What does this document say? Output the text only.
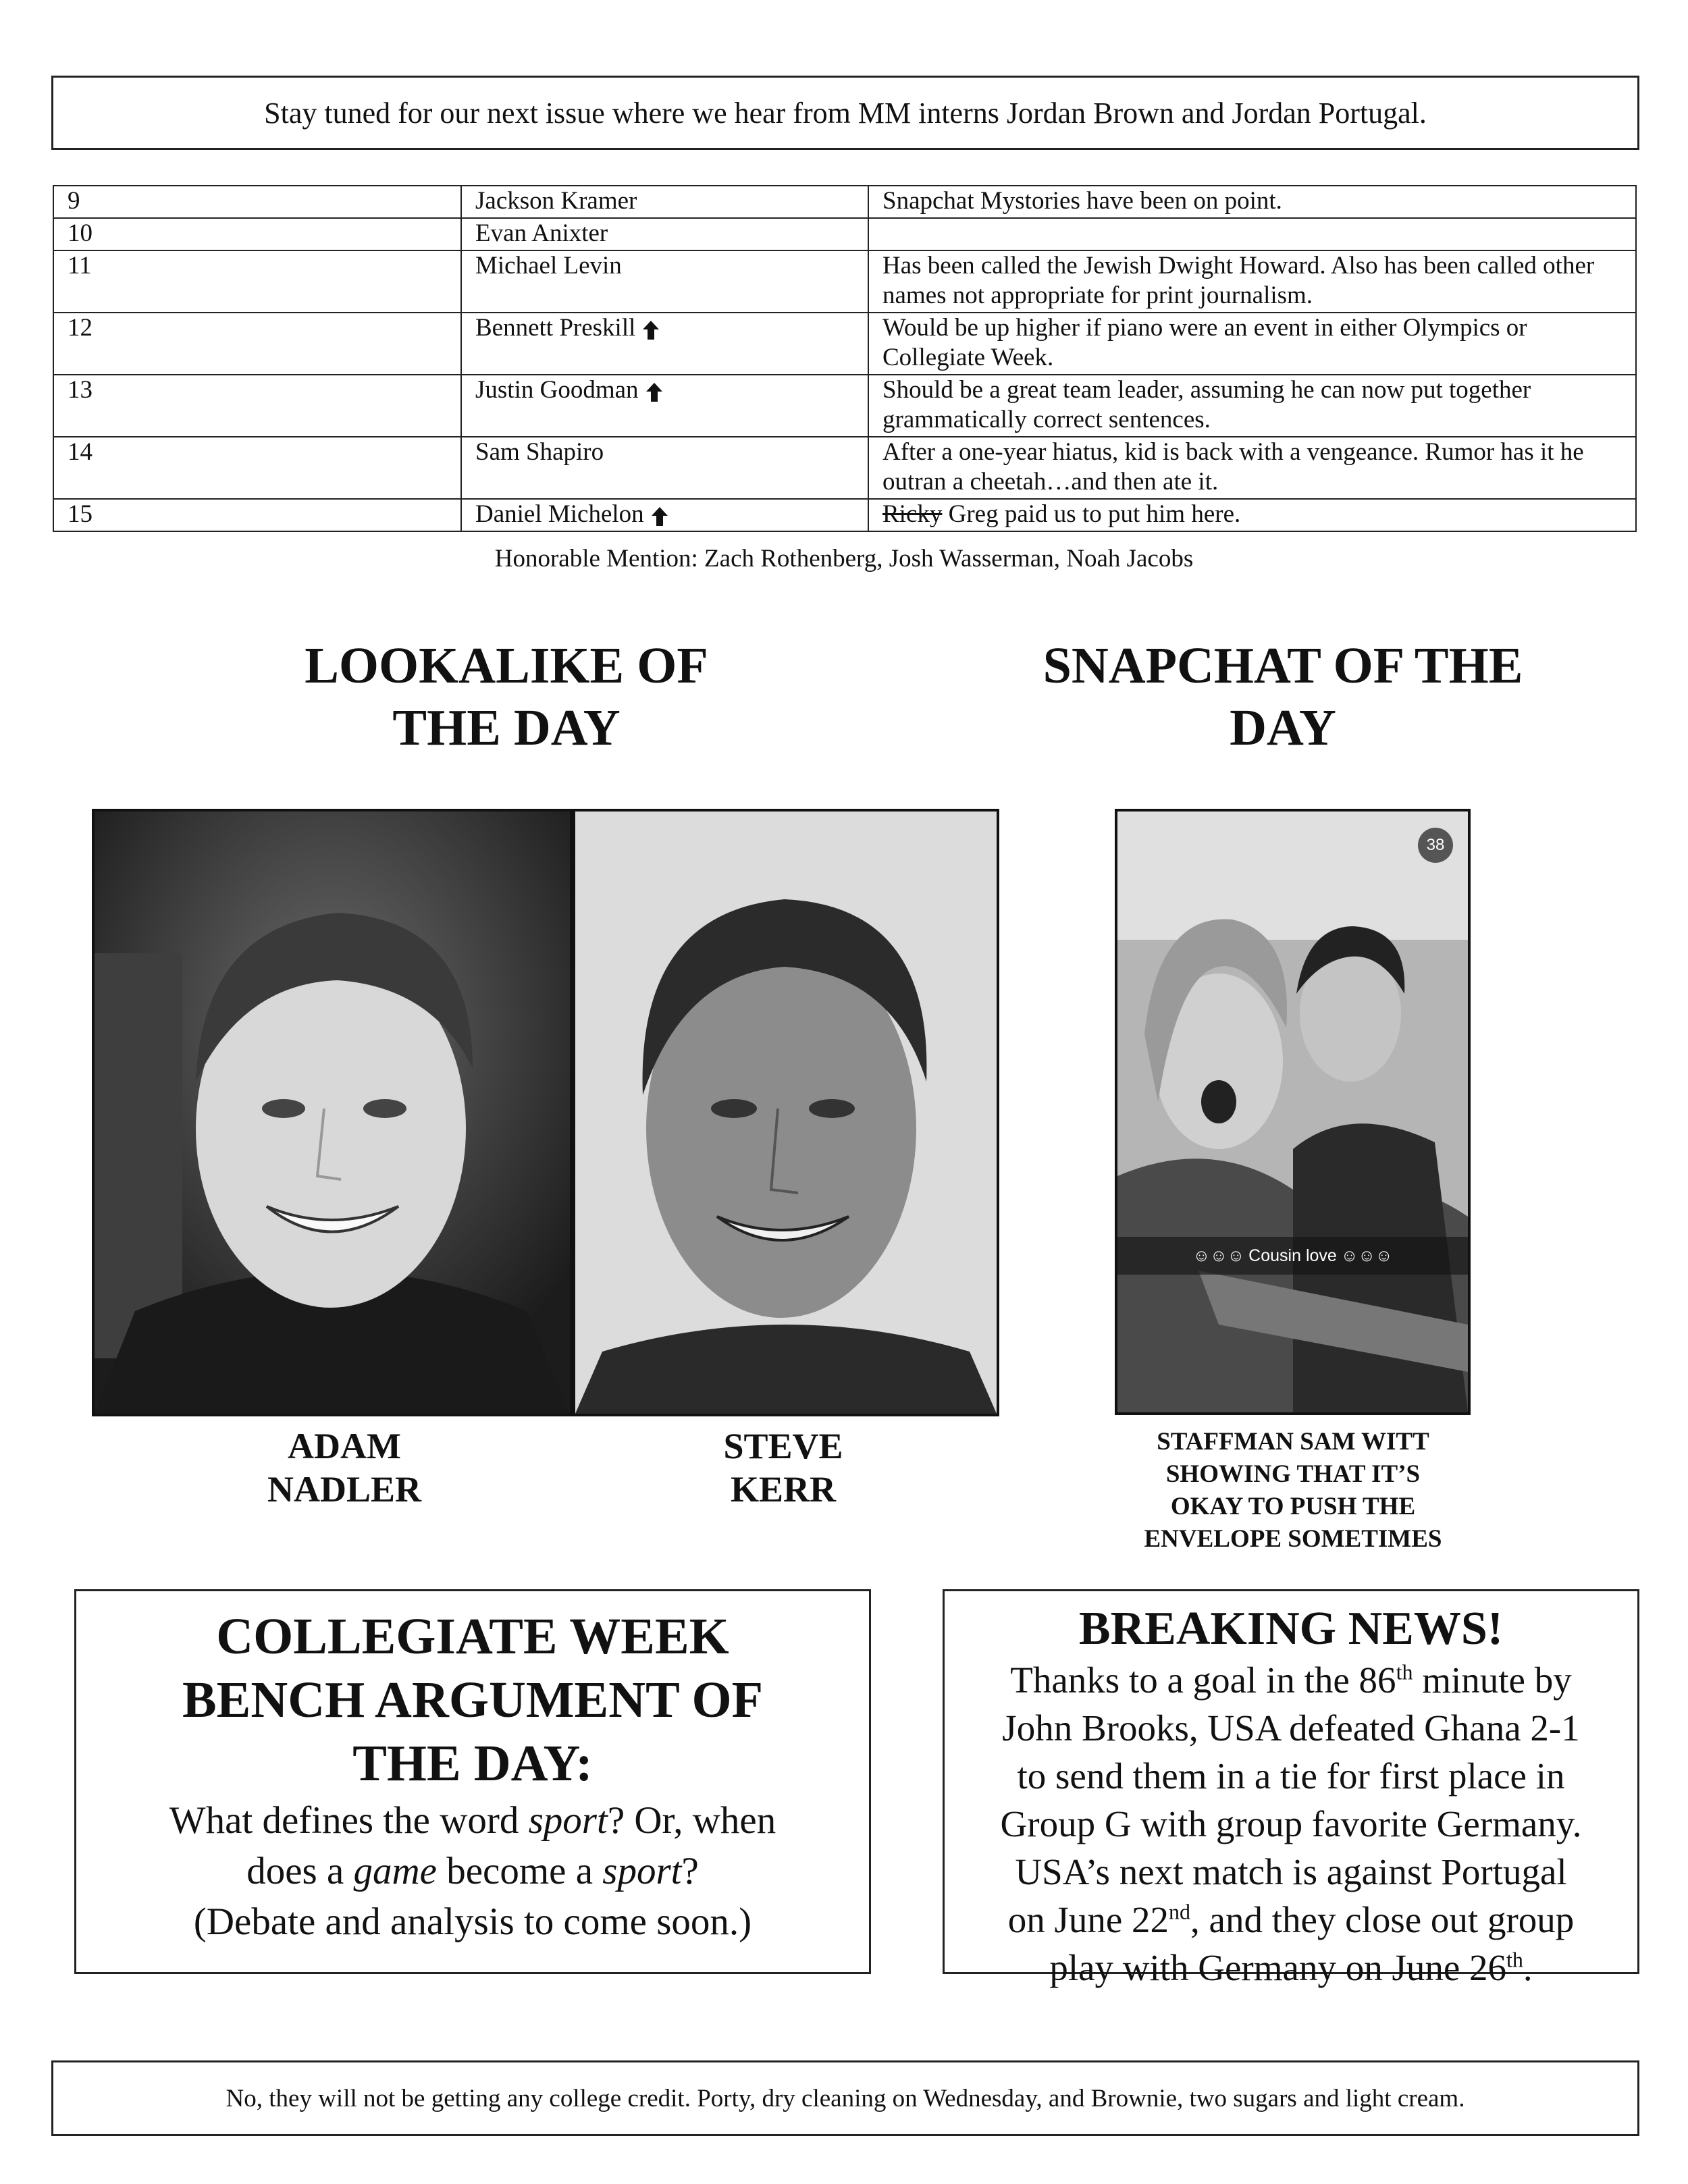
Stay tuned for our next issue where we hear from MM interns Jordan Brown and Jordan Portugal.
9	Jackson Kramer	Snapchat Mystories have been on point.
10	Evan Anixter	
11	Michael Levin	Has been called the Jewish Dwight Howard. Also has been called other names not appropriate for print journalism.
12	Bennett Preskill	Would be up higher if piano were an event in either Olympics or Collegiate Week.
13	Justin Goodman	Should be a great team leader, assuming he can now put together grammatically correct sentences.
14	Sam Shapiro	After a one-year hiatus, kid is back with a vengeance. Rumor has it he outran a cheetah…and then ate it.
15	Daniel Michelon	Ricky Greg paid us to put him here.
Honorable Mention: Zach Rothenberg, Josh Wasserman, Noah Jacobs
LOOKALIKE OF
THE DAY
SNAPCHAT OF THE
DAY
38
☺☺☺ Cousin love ☺☺☺
ADAM
NADLER
STEVE
KERR
STAFFMAN SAM WITT
SHOWING THAT IT’S
OKAY TO PUSH THE
ENVELOPE SOMETIMES
COLLEGIATE WEEK
BENCH ARGUMENT OF
THE DAY:
What defines the word sport? Or, when
does a game become a sport?
(Debate and analysis to come soon.)
BREAKING NEWS!
Thanks to a goal in the 86th minute by
John Brooks, USA defeated Ghana 2-1
to send them in a tie for first place in
Group G with group favorite Germany.
USA’s next match is against Portugal
on June 22nd, and they close out group
play with Germany on June 26th.
No, they will not be getting any college credit. Porty, dry cleaning on Wednesday, and Brownie, two sugars and light cream.
